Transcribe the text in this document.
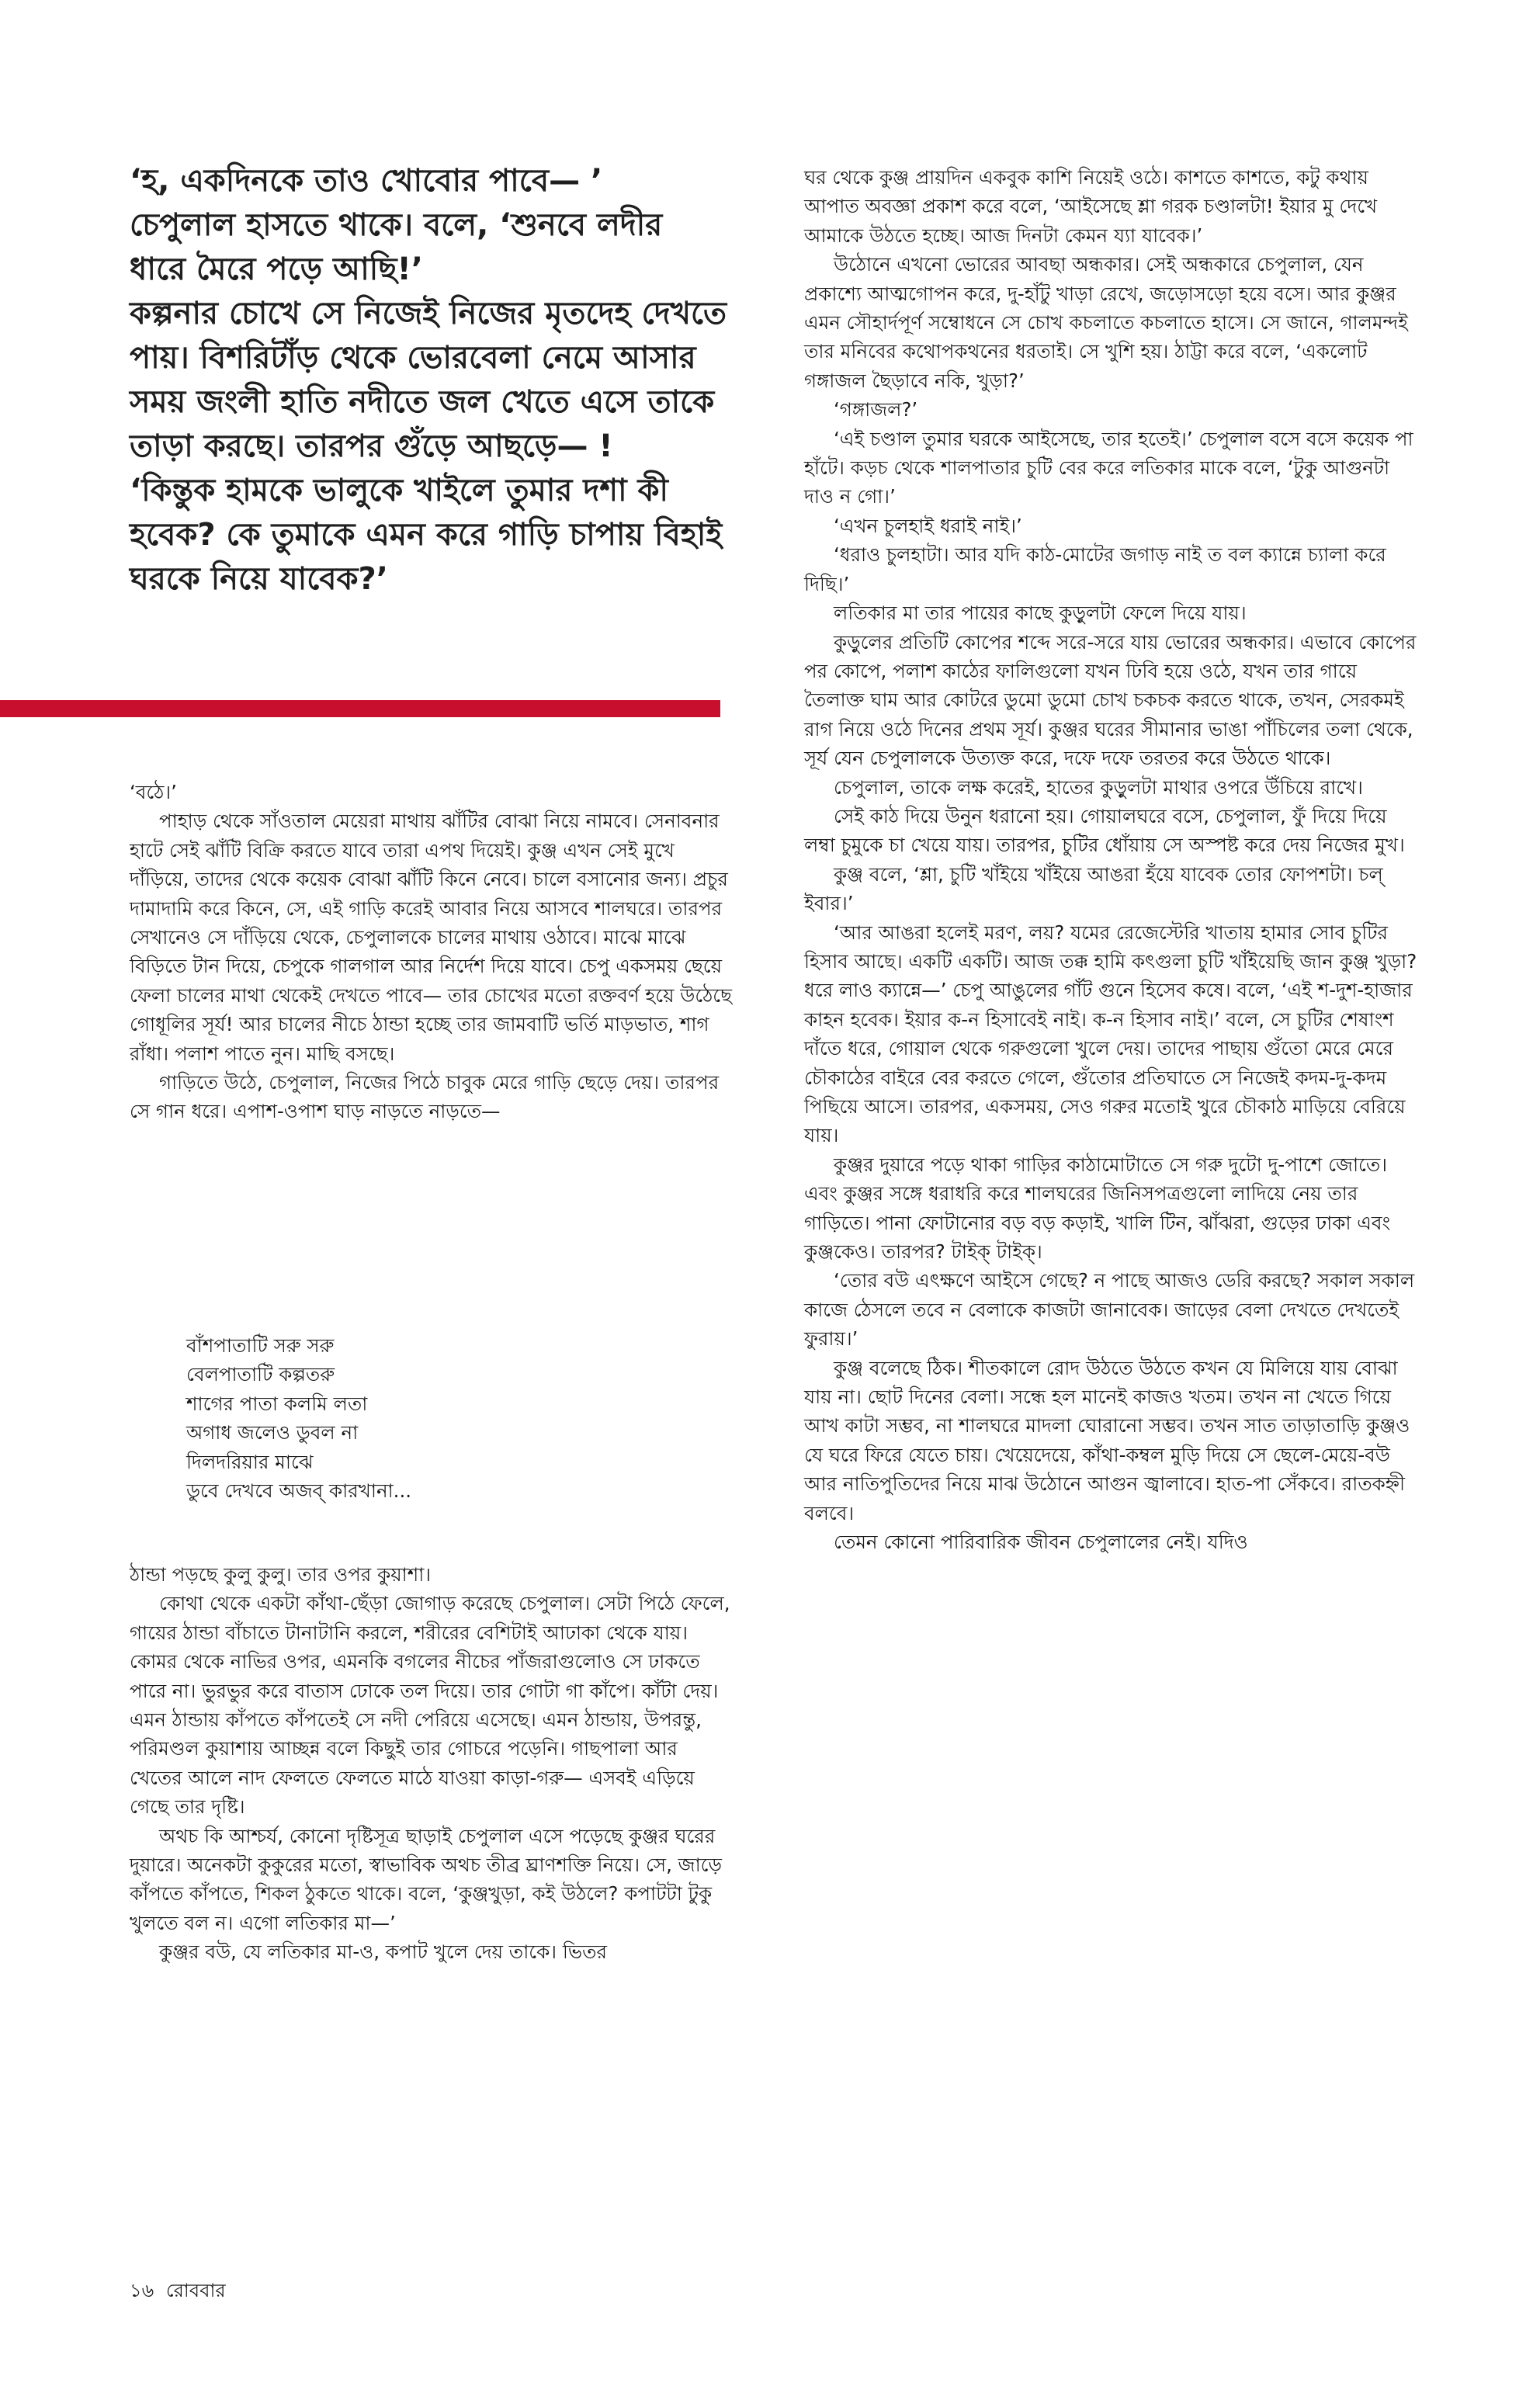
‘হ, একদিনকে তাও খোবোর পাবে— ’

চেপুলাল হাসতে থাকে। বলে, ‘শুনবে লদীর ধারে মৈরে পড়ে আছি!’

কল্পনার চোখে সে নিজেই নিজের মৃতদেহ দেখতে পায়। বিশরিটাঁড় থেকে ভোরবেলা নেমে আসার সময় জংলী হাতি নদীতে জল খেতে এসে তাকে তাড়া করছে। তারপর গুঁড়ে আছড়ে— !

‘কিন্তুক হামকে ভালুকে খাইলে তুমার দশা কী হবেক? কে তুমাকে এমন করে গাড়ি চাপায় বিহাই ঘরকে নিয়ে যাবেক?’

‘বঠে।’

পাহাড় থেকে সাঁওতাল মেয়েরা মাথায় ঝাঁটির বোঝা নিয়ে নামবে। সেনাবনার হাটে সেই ঝাঁটি বিক্রি করতে যাবে তারা এপথ দিয়েই। কুঞ্জ এখন সেই মুখে দাঁড়িয়ে, তাদের থেকে কয়েক বোঝা ঝাঁটি কিনে নেবে। চালে বসানোর জন্য। প্রচুর দামাদামি করে কিনে, সে, এই গাড়ি করেই আবার নিয়ে আসবে শালঘরে। তারপর সেখানেও সে দাঁড়িয়ে থেকে, চেপুলালকে চালের মাথায় ওঠাবে। মাঝে মাঝে বিড়িতে টান দিয়ে, চেপুকে গালগাল আর নির্দেশ দিয়ে যাবে। চেপু একসময় ছেয়ে ফেলা চালের মাথা থেকেই দেখতে পাবে— তার চোখের মতো রক্তবর্ণ হয়ে উঠেছে গোধূলির সূর্য! আর চালের নীচে ঠান্ডা হচ্ছে তার জামবাটি ভর্তি মাড়ভাত, শাগ রাঁধা। পলাশ পাতে নুন। মাছি বসছে।

গাড়িতে উঠে, চেপুলাল, নিজের পিঠে চাবুক মেরে গাড়ি ছেড়ে দেয়। তারপর সে গান ধরে। এপাশ-ওপাশ ঘাড় নাড়তে নাড়তে—

বাঁশপাতাটি সরু সরু
বেলপাতাটি কল্পতরু
শাগের পাতা কলমি লতা
অগাধ জলেও ডুবল না
দিলদরিয়ার মাঝে
ডুবে দেখবে অজব্ কারখানা...

ঠান্ডা পড়ছে কুলু কুলু। তার ওপর কুয়াশা।

কোথা থেকে একটা কাঁথা-ছেঁড়া জোগাড় করেছে চেপুলাল। সেটা পিঠে ফেলে, গায়ের ঠান্ডা বাঁচাতে টানাটানি করলে, শরীরের বেশিটাই আঢাকা থেকে যায়। কোমর থেকে নাভির ওপর, এমনকি বগলের নীচের পাঁজরাগুলোও সে ঢাকতে পারে না। ভুরভুর করে বাতাস ঢোকে তল দিয়ে। তার গোটা গা কাঁপে। কাঁটা দেয়। এমন ঠান্ডায় কাঁপতে কাঁপতেই সে নদী পেরিয়ে এসেছে। এমন ঠান্ডায়, উপরন্তু, পরিমণ্ডল কুয়াশায় আচ্ছন্ন বলে কিছুই তার গোচরে পড়েনি। গাছপালা আর খেতের আলে নাদ ফেলতে ফেলতে মাঠে যাওয়া কাড়া-গরু— এসবই এড়িয়ে গেছে তার দৃষ্টি।

অথচ কি আশ্চর্য, কোনো দৃষ্টিসূত্র ছাড়াই চেপুলাল এসে পড়েছে কুঞ্জর ঘরের দুয়ারে। অনেকটা কুকুরের মতো, স্বাভাবিক অথচ তীব্র ঘ্রাণশক্তি নিয়ে। সে, জাড়ে কাঁপতে কাঁপতে, শিকল ঠুকতে থাকে। বলে, ‘কুঞ্জখুড়া, কই উঠলে? কপাটটা টুকু খুলতে বল ন। এগো লতিকার মা—’

কুঞ্জর বউ, যে লতিকার মা-ও, কপাট খুলে দেয় তাকে। ভিতর

ঘর থেকে কুঞ্জ প্রায়দিন একবুক কাশি নিয়েই ওঠে। কাশতে কাশতে, কটু কথায় আপাত অবজ্ঞা প্রকাশ করে বলে, ‘আইসেছে শ্লা গরক চণ্ডালটা! ইয়ার মু দেখে আমাকে উঠতে হচ্ছে। আজ দিনটা কেমন য্যা যাবেক।’

উঠোনে এখনো ভোরের আবছা অন্ধকার। সেই অন্ধকারে চেপুলাল, যেন প্রকাশ্যে আত্মগোপন করে, দু-হাঁটু খাড়া রেখে, জড়োসড়ো হয়ে বসে। আর কুঞ্জর এমন সৌহার্দপূর্ণ সম্বোধনে সে চোখ কচলাতে কচলাতে হাসে। সে জানে, গালমন্দই তার মনিবের কথোপকথনের ধরতাই। সে খুশি হয়। ঠাট্টা করে বলে, ‘একলোট গঙ্গাজল ছৈড়াবে নকি, খুড়া?’

‘গঙ্গাজল?’

‘এই চণ্ডাল তুমার ঘরকে আইসেছে, তার হতেই।’ চেপুলাল বসে বসে কয়েক পা হাঁটে। কড়চ থেকে শালপাতার চুটি বের করে লতিকার মাকে বলে, ‘টুকু আগুনটা দাও ন গো।’

‘এখন চুলহাই ধরাই নাই।’

‘ধরাও চুলহাটা। আর যদি কাঠ-মোটের জগাড় নাই ত বল ক্যান্নে চ্যালা করে দিছি।’

লতিকার মা তার পায়ের কাছে কুড়ুলটা ফেলে দিয়ে যায়।

কুড়ুলের প্রতিটি কোপের শব্দে সরে-সরে যায় ভোরের অন্ধকার। এভাবে কোপের পর কোপে, পলাশ কাঠের ফালিগুলো যখন ঢিবি হয়ে ওঠে, যখন তার গায়ে তৈলাক্ত ঘাম আর কোটরে ডুমো ডুমো চোখ চকচক করতে থাকে, তখন, সেরকমই রাগ নিয়ে ওঠে দিনের প্রথম সূর্য। কুঞ্জর ঘরের সীমানার ভাঙা পাঁচিলের তলা থেকে, সূর্য যেন চেপুলালকে উত্যক্ত করে, দফে দফে তরতর করে উঠতে থাকে।

চেপুলাল, তাকে লক্ষ করেই, হাতের কুড়ুলটা মাথার ওপরে উঁচিয়ে রাখে।

সেই কাঠ দিয়ে উনুন ধরানো হয়। গোয়ালঘরে বসে, চেপুলাল, ফুঁ দিয়ে দিয়ে লম্বা চুমুকে চা খেয়ে যায়। তারপর, চুটির ধোঁয়ায় সে অস্পষ্ট করে দেয় নিজের মুখ।

কুঞ্জ বলে, ‘শ্লা, চুটি খাঁইয়ে খাঁইয়ে আঙরা হঁয়ে যাবেক তোর ফোপশটা। চল্ ইবার।’

‘আর আঙরা হলেই মরণ, লয়? যমের রেজেস্টেরি খাতায় হামার সোব চুটির হিসাব আছে। একটি একটি। আজ তক্ক হামি কৎগুলা চুটি খাঁইয়েছি জান কুঞ্জ খুড়া? ধরে লাও ক্যান্নে—’ চেপু আঙুলের গাঁট গুনে হিসেব কষে। বলে, ‘এই শ-দুশ-হাজার কাহন হবেক। ইয়ার ক-ন হিসাবেই নাই। ক-ন হিসাব নাই।’ বলে, সে চুটির শেষাংশ দাঁতে ধরে, গোয়াল থেকে গরুগুলো খুলে দেয়। তাদের পাছায় গুঁতো মেরে মেরে চৌকাঠের বাইরে বের করতে গেলে, গুঁতোর প্রতিঘাতে সে নিজেই কদম-দু-কদম পিছিয়ে আসে। তারপর, একসময়, সেও গরুর মতোই খুরে চৌকাঠ মাড়িয়ে বেরিয়ে যায়।

কুঞ্জর দুয়ারে পড়ে থাকা গাড়ির কাঠামোটাতে সে গরু দুটো দু-পাশে জোতে। এবং কুঞ্জর সঙ্গে ধরাধরি করে শালঘরের জিনিসপত্রগুলো লাদিয়ে নেয় তার গাড়িতে। পানা ফোটানোর বড় বড় কড়াই, খালি টিন, ঝাঁঝরা, গুড়ের ঢাকা এবং কুঞ্জকেও। তারপর? টাইক্ টাইক্।

‘তোর বউ এৎক্ষণে আইসে গেছে? ন পাছে আজও ডেরি করছে? সকাল সকাল কাজে ঠেসলে তবে ন বেলাকে কাজটা জানাবেক। জাড়ের বেলা দেখতে দেখতেই ফুরায়।’

কুঞ্জ বলেছে ঠিক। শীতকালে রোদ উঠতে উঠতে কখন যে মিলিয়ে যায় বোঝা যায় না। ছোট দিনের বেলা। সন্ধে হল মানেই কাজও খতম। তখন না খেতে গিয়ে আখ কাটা সম্ভব, না শালঘরে মাদলা ঘোরানো সম্ভব। তখন সাত তাড়াতাড়ি কুঞ্জও যে ঘরে ফিরে যেতে চায়। খেয়েদেয়ে, কাঁথা-কম্বল মুড়ি দিয়ে সে ছেলে-মেয়ে-বউ আর নাতিপুতিদের নিয়ে মাঝ উঠোনে আগুন জ্বালাবে। হাত-পা সেঁকবে। রাতকহ্নী বলবে।

তেমন কোনো পারিবারিক জীবন চেপুলালের নেই। যদিও

১৬ রোববার
